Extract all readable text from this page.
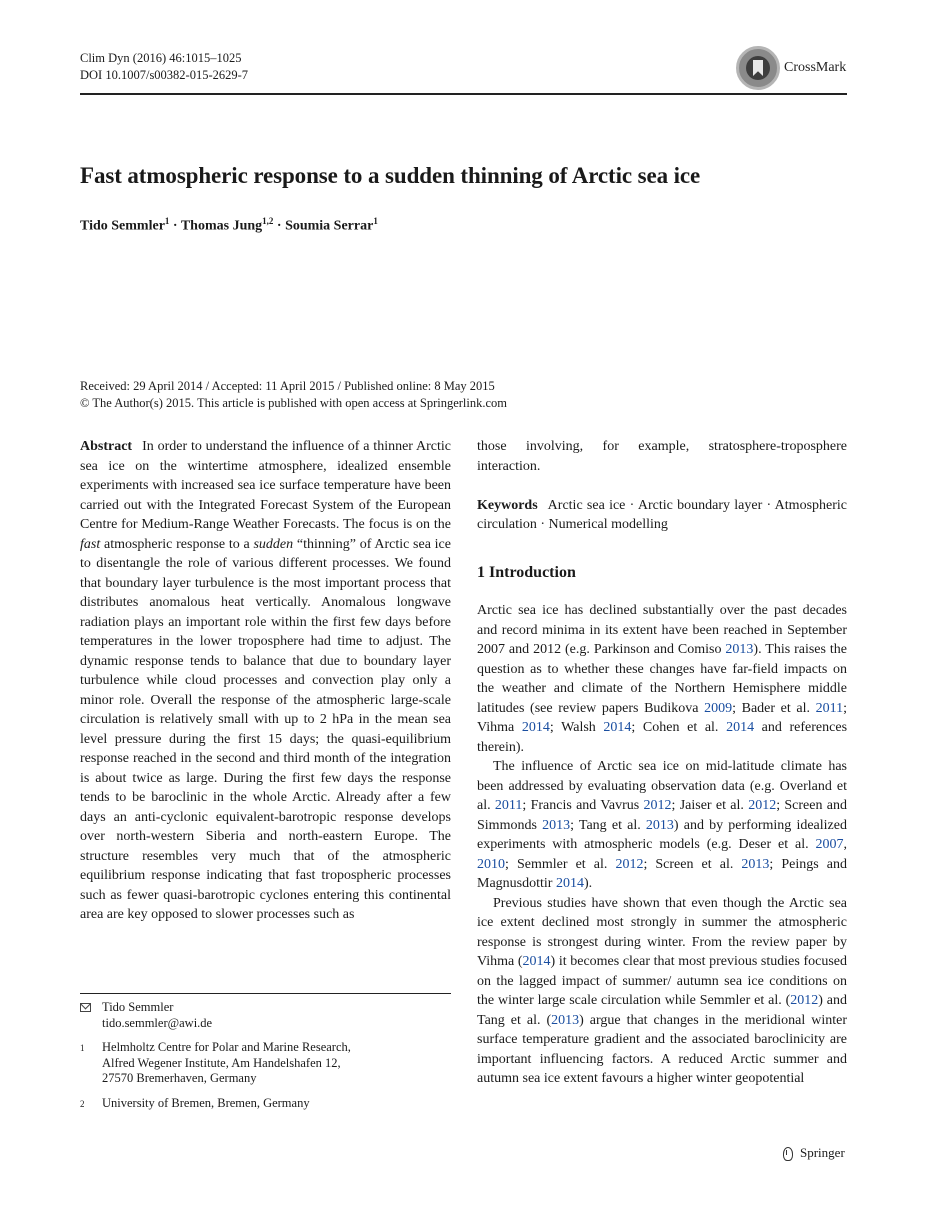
Clim Dyn (2016) 46:1015–1025
DOI 10.1007/s00382-015-2629-7	CrossMark
Fast atmospheric response to a sudden thinning of Arctic sea ice
Tido Semmler$^1$ · Thomas Jung$^{1,2}$ · Soumia Serrar$^1$
Received: 29 April 2014 / Accepted: 11 April 2015 / Published online: 8 May 2015
© The Author(s) 2015. This article is published with open access at Springerlink.com

Abstract In order to understand the influence of a thinner Arctic sea ice on the wintertime atmosphere, idealized ensemble experiments with increased sea ice surface temperature have been carried out with the Integrated Forecast System of the European Centre for Medium-Range Weather Forecasts. The focus is on the fast atmospheric response to a sudden “thinning” of Arctic sea ice to disentangle the role of various different processes. We found that boundary layer turbulence is the most important process that distributes anomalous heat vertically. Anomalous longwave radiation plays an important role within the first few days before temperatures in the lower troposphere had time to adjust. The dynamic response tends to balance that due to boundary layer turbulence while cloud processes and convection play only a minor role. Overall the response of the atmospheric large-scale circulation is relatively small with up to 2 hPa in the mean sea level pressure during the first 15 days; the quasi-equilibrium response reached in the second and third month of the integration is about twice as large. During the first few days the response tends to be baroclinic in the whole Arctic. Already after a few days an anti-cyclonic equivalent-barotropic response develops over north-western Siberia and north-eastern Europe. The structure resembles very much that of the atmospheric equilibrium response indicating that fast tropospheric processes such as fewer quasi-barotropic cyclones entering this continental area are key opposed to slower processes such as

Tido Semmler
tido.semmler@awi.de
1	Helmholtz Centre for Polar and Marine Research,
Alfred Wegener Institute, Am Handelshafen 12,
27570 Bremerhaven, Germany
2	University of Bremen, Bremen, Germany

those involving, for example, stratosphere-troposphere interaction.

Keywords Arctic sea ice · Arctic boundary layer · Atmospheric circulation · Numerical modelling

1 Introduction

Arctic sea ice has declined substantially over the past decades and record minima in its extent have been reached in September 2007 and 2012 (e.g. Parkinson and Comiso 2013). This raises the question as to whether these changes have far-field impacts on the weather and climate of the Northern Hemisphere middle latitudes (see review papers Budikova 2009; Bader et al. 2011; Vihma 2014; Walsh 2014; Cohen et al. 2014 and references therein).

The influence of Arctic sea ice on mid-latitude climate has been addressed by evaluating observation data (e.g. Overland et al. 2011; Francis and Vavrus 2012; Jaiser et al. 2012; Screen and Simmonds 2013; Tang et al. 2013) and by performing idealized experiments with atmospheric models (e.g. Deser et al. 2007, 2010; Semmler et al. 2012; Screen et al. 2013; Peings and Magnusdottir 2014).

Previous studies have shown that even though the Arctic sea ice extent declined most strongly in summer the atmospheric response is strongest during winter. From the review paper by Vihma (2014) it becomes clear that most previous studies focused on the lagged impact of summer/ autumn sea ice conditions on the winter large scale circulation while Semmler et al. (2012) and Tang et al. (2013) argue that changes in the meridional winter surface temperature gradient and the associated baroclinicity are important influencing factors. A reduced Arctic summer and autumn sea ice extent favours a higher winter geopotential

Springer
